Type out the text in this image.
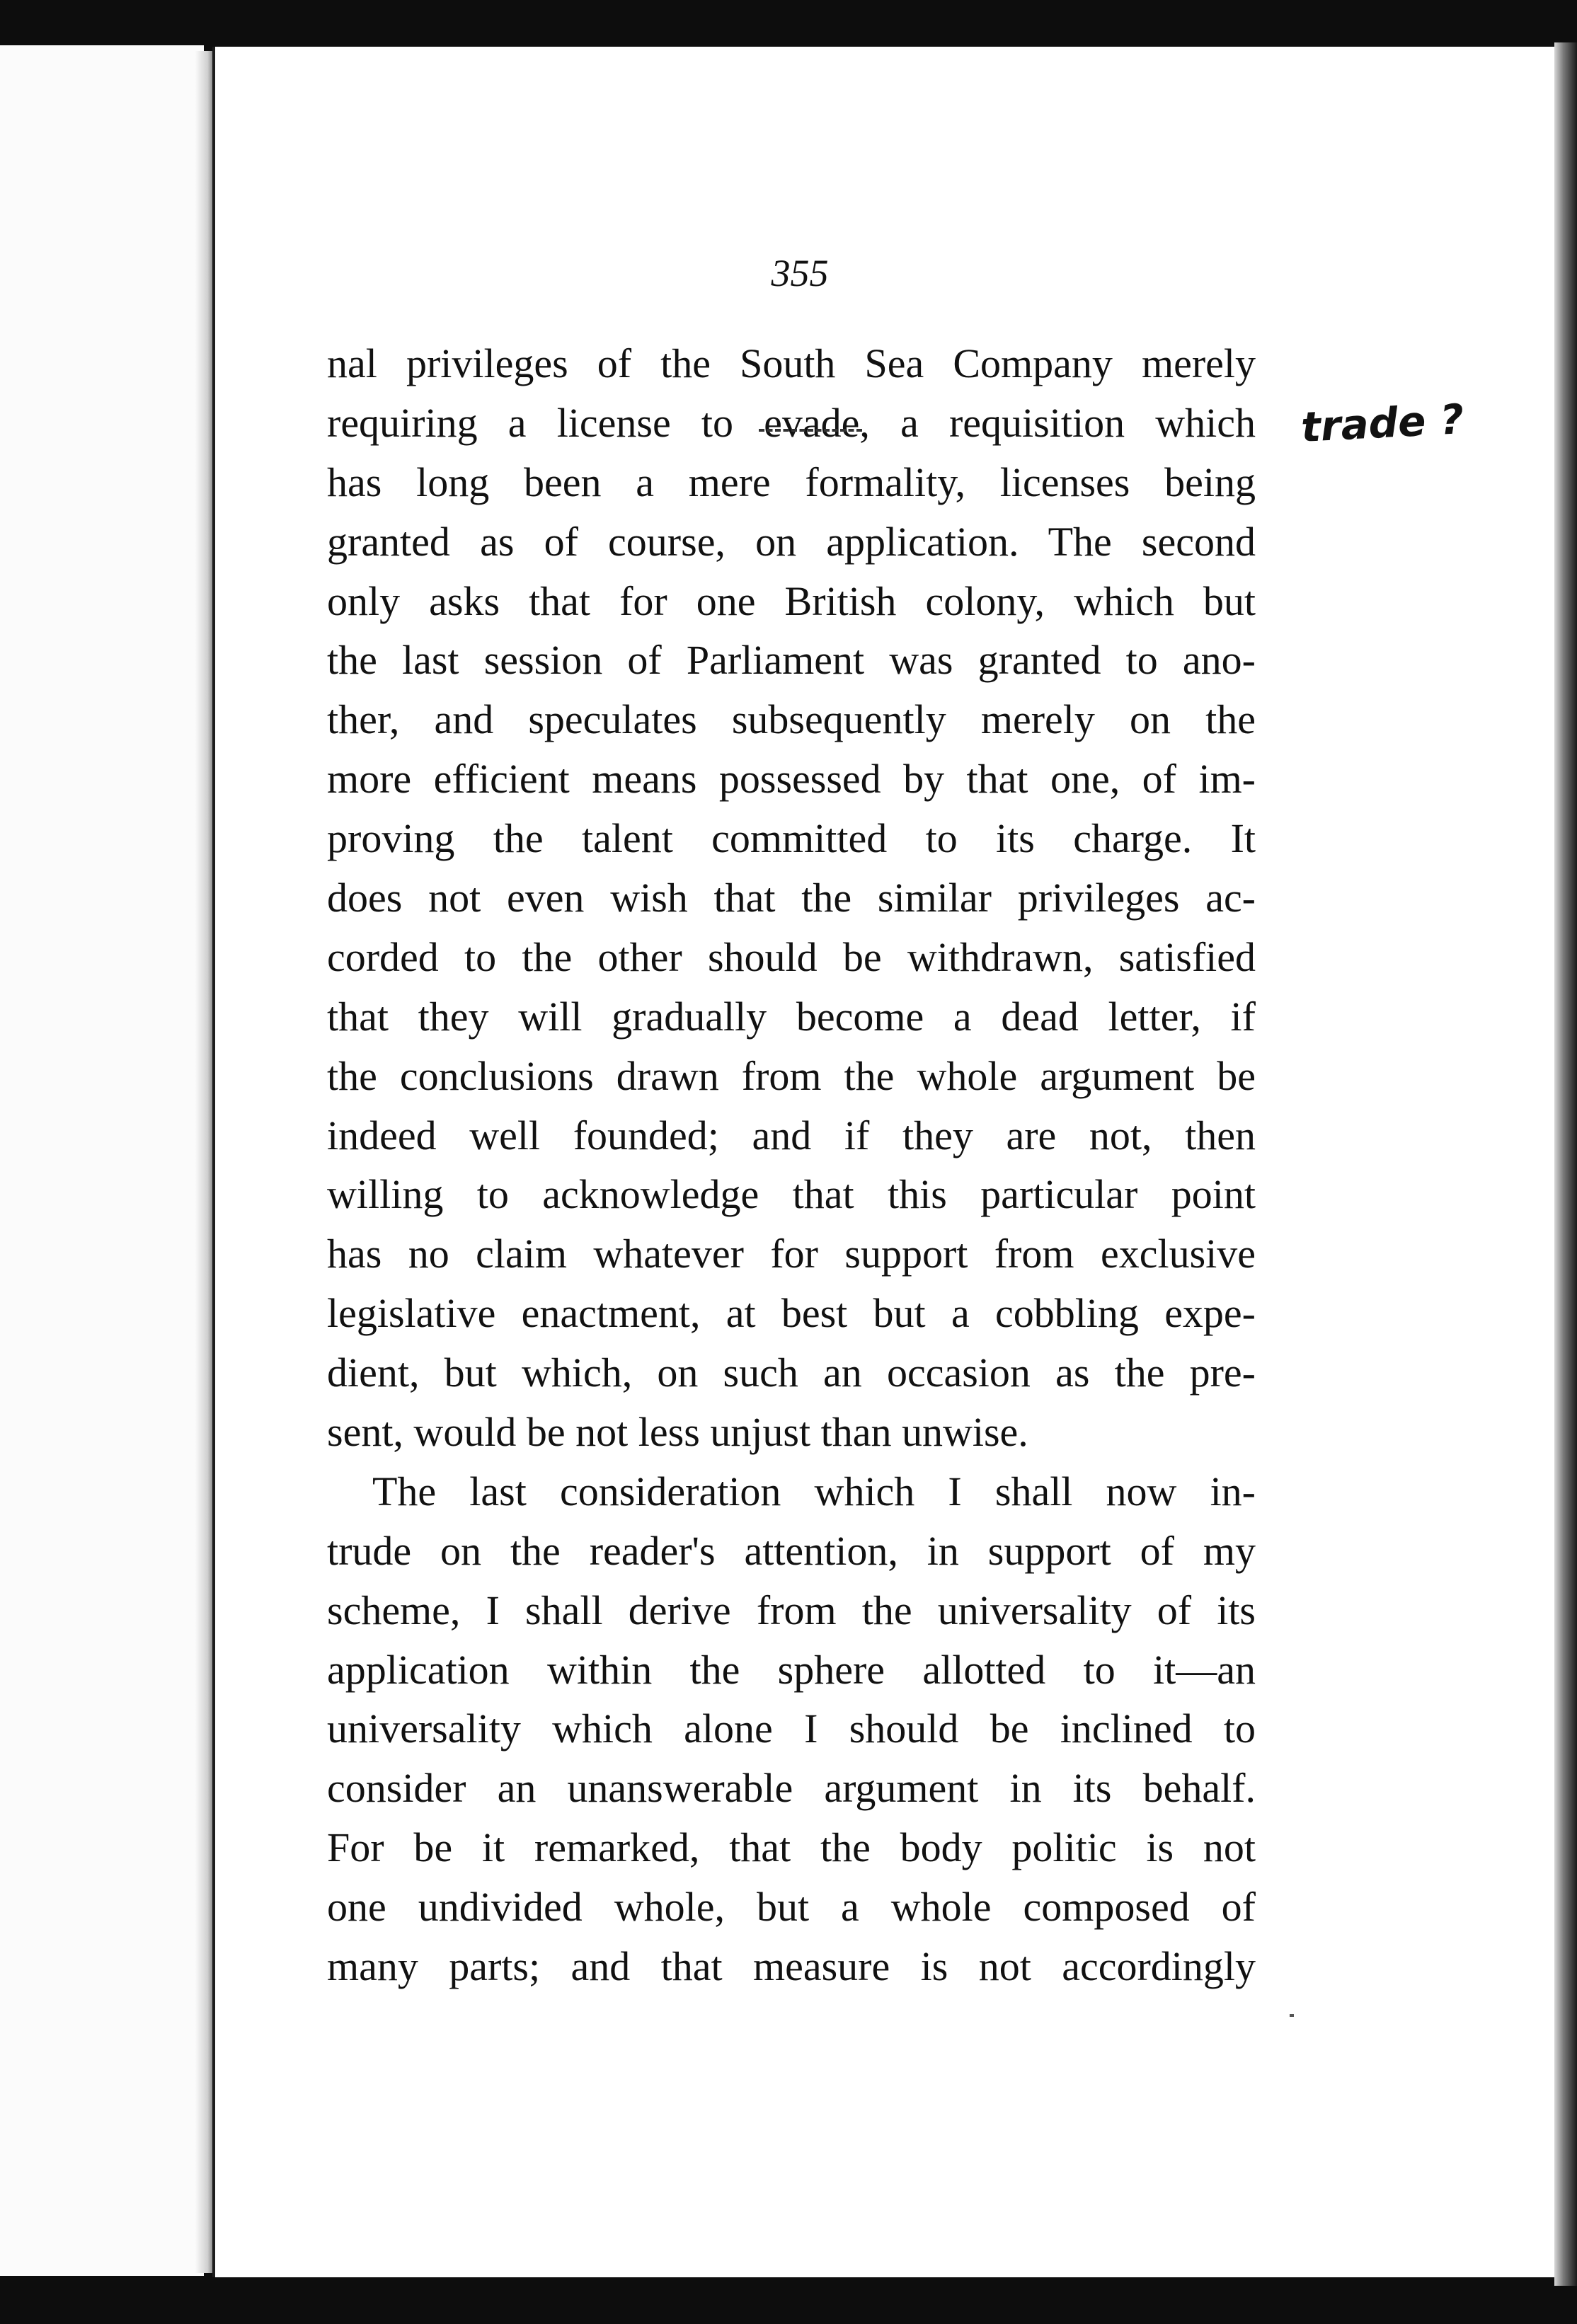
355
nal privileges of the South Sea Company merely
requiring a license to evade, a requisition which
has long been a mere formality, licenses being
granted as of course, on application. The second
only asks that for one British colony, which but
the last session of Parliament was granted to ano-
ther, and speculates subsequently merely on the
more efficient means possessed by that one, of im-
proving the talent committed to its charge. It
does not even wish that the similar privileges ac-
corded to the other should be withdrawn, satisfied
that they will gradually become a dead letter, if
the conclusions drawn from the whole argument be
indeed well founded; and if they are not, then
willing to acknowledge that this particular point
has no claim whatever for support from exclusive
legislative enactment, at best but a cobbling expe-
dient, but which, on such an occasion as the pre-
sent, would be not less unjust than unwise.
The last consideration which I shall now in-
trude on the reader's attention, in support of my
scheme, I shall derive from the universality of its
application within the sphere allotted to it—an
universality which alone I should be inclined to
consider an unanswerable argument in its behalf.
For be it remarked, that the body politic is not
one undivided whole, but a whole composed of
many parts; and that measure is not accordingly
trade ?
